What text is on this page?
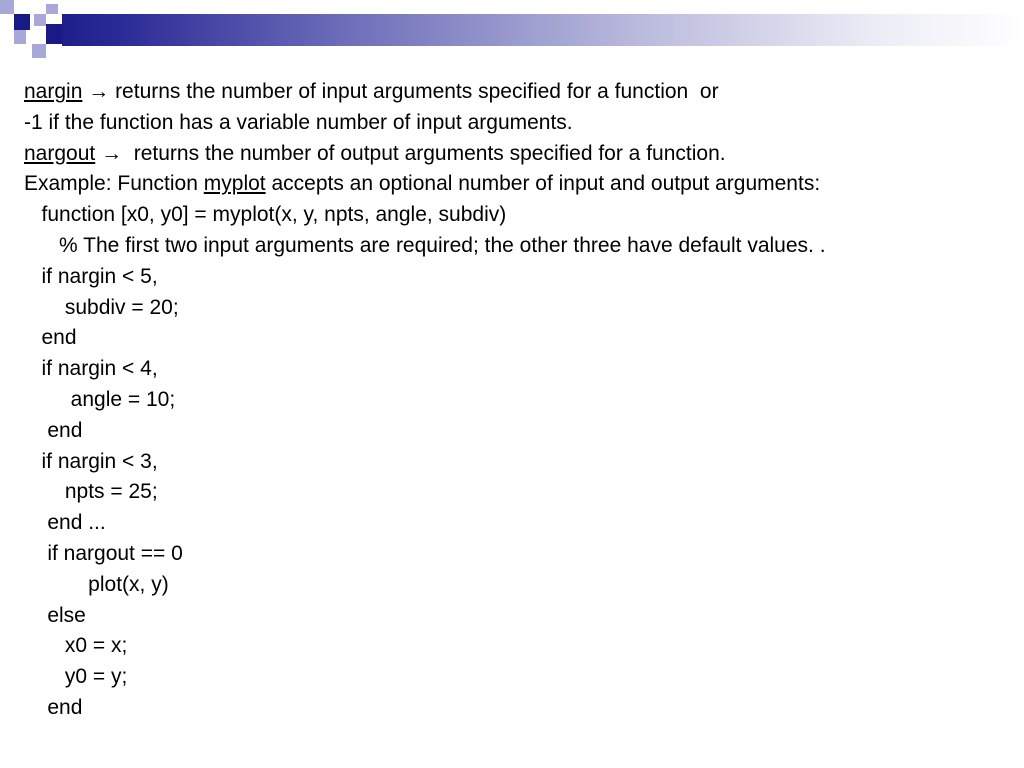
nargin → returns the number of input arguments specified for a function  or
-1 if the function has a variable number of input arguments.
nargout →  returns the number of output arguments specified for a function.
Example: Function myplot accepts an optional number of input and output arguments:
function [x0, y0] = myplot(x, y, npts, angle, subdiv)
% The first two input arguments are required; the other three have default values. .
if nargin < 5,
subdiv = 20;
end
if nargin < 4,
angle = 10;
end
if nargin < 3,
npts = 25;
end ...
if nargout == 0
plot(x, y)
else
x0 = x;
y0 = y;
end
